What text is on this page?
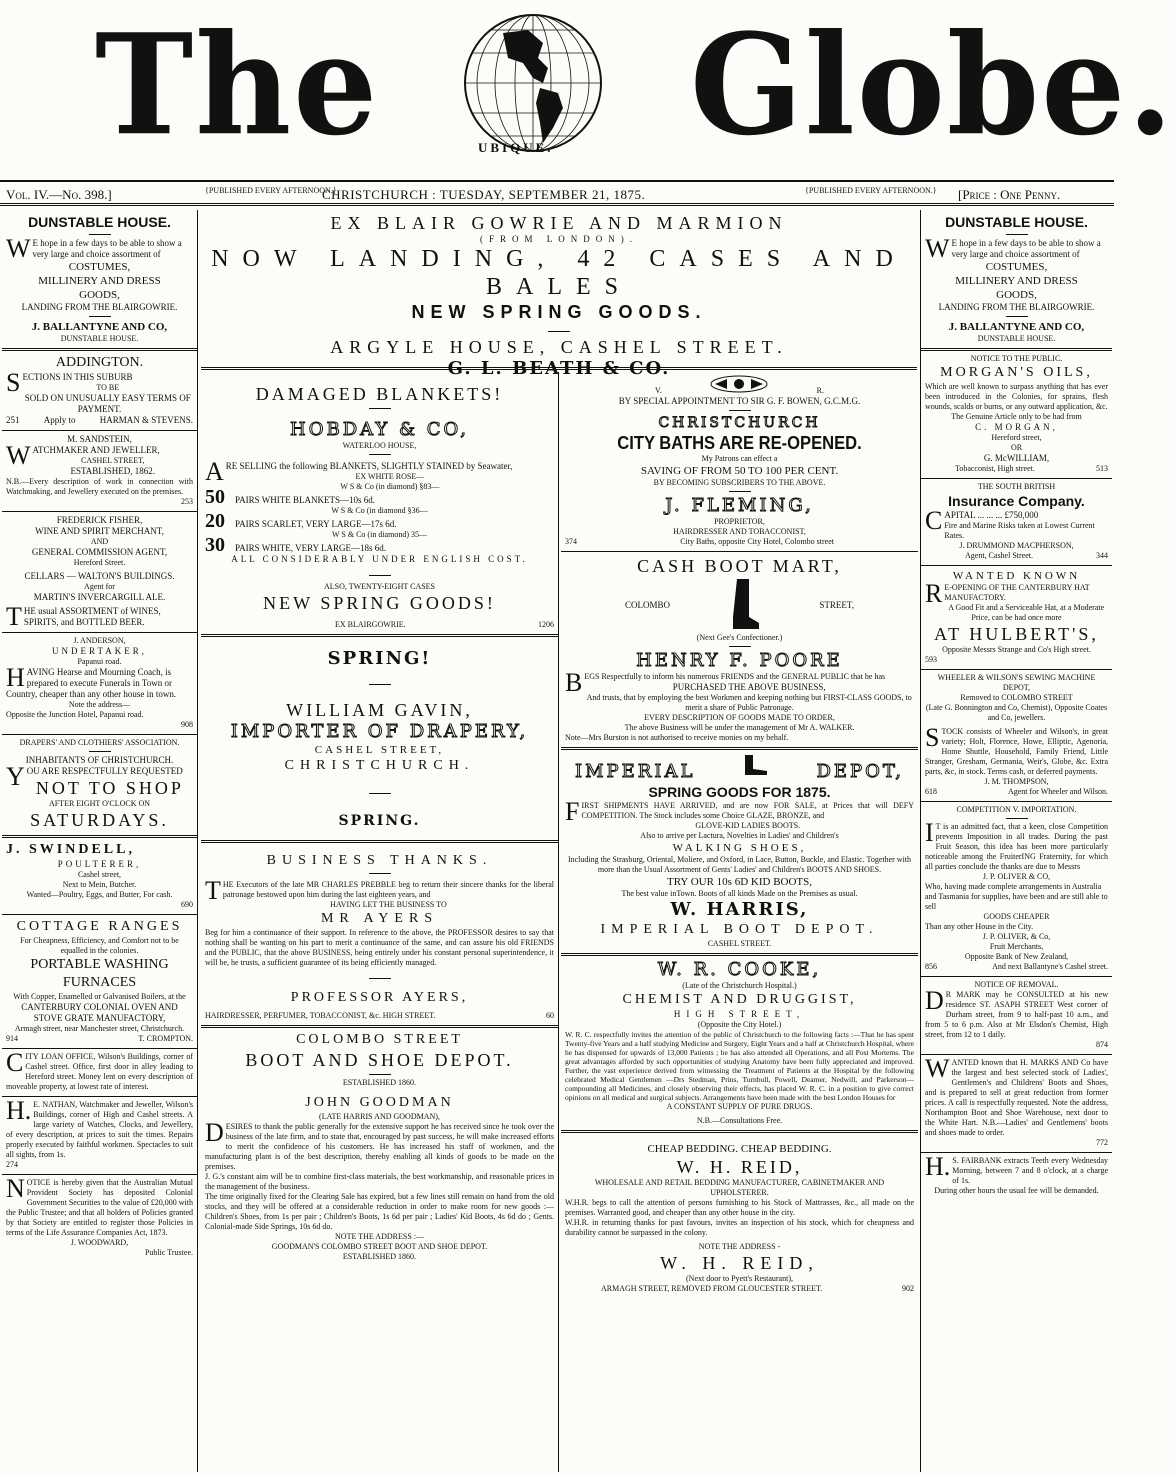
The	UBIQUE. Globe.
Vol. IV.—No. 398.]	{PUBLISHED EVERY AFTERNOON.}
CHRISTCHURCH : TUESDAY, SEPTEMBER 21, 1875.	{PUBLISHED EVERY AFTERNOON.} [Price : One Penny.
DUNSTABLE HOUSE.
WE hope in a few days to be able to show a very large and choice assortment of
COSTUMES,
MILLINERY AND DRESS
GOODS,
LANDING FROM THE BLAIRGOWRIE.
J. BALLANTYNE AND CO,
DUNSTABLE HOUSE.
ADDINGTON.
SECTIONS IN THIS SUBURB
TO BE
SOLD ON UNUSUALLY EASY TERMS OF PAYMENT.
251	Apply to	HARMAN & STEVENS.
M. SANDSTEIN,
WATCHMAKER AND JEWELLER,
CASHEL STREET,
ESTABLISHED, 1862.
N.B.—Every description of work in connection with Watchmaking, and Jewellery executed on the premises.
253
FREDERICK FISHER,
WINE AND SPIRIT MERCHANT,
AND
GENERAL COMMISSION AGENT,
Hereford Street.
CELLARS — WALTON'S BUILDINGS.
Agent for
MARTIN'S INVERCARGILL ALE.
THE usual ASSORTMENT of WINES, SPIRITS, and BOTTLED BEER.
J. ANDERSON,
UNDERTAKER,
Papanui road.
HAVING Hearse and Mourning Coach, is prepared to execute Funerals in Town or Country, cheaper than any other house in town.
Note the address—
Opposite the Junction Hotel, Papanui road.
908
DRAPERS' AND CLOTHIERS' ASSOCIATION.
INHABITANTS OF CHRISTCHURCH.
YOU ARE RESPECTFULLY REQUESTED
NOT TO SHOP
AFTER EIGHT O'CLOCK ON
SATURDAYS.
J. SWINDELL,
POULTERER,
Cashel street,
Next to Mein, Butcher.
Wanted—Poultry, Eggs, and Butter, For cash.
690
COTTAGE RANGES
For Cheapness, Efficiency, and Comfort not to be equalled in the colonies.
PORTABLE WASHING
FURNACES
With Copper, Enamelled or Galvanised Boilers, at the
CANTERBURY COLONIAL OVEN AND STOVE GRATE MANUFACTORY,
Armagh street, near Manchester street, Christchurch.
914	T. CROMPTON.
CITY LOAN OFFICE, Wilson's Buildings, corner of Cashel street. Office, first door in alley leading to Hereford street. Money lent on every description of moveable property, at lowest rate of interest.
H.E. NATHAN, Watchmaker and Jeweller, Wilson's Buildings, corner of High and Cashel streets. A large variety of Watches, Clocks, and Jewellery, of every description, at prices to suit the times. Repairs properly executed by faithful workmen. Spectacles to suit all sights, from 1s.
274
NOTICE is hereby given that the Australian Mutual Provident Society has deposited Colonial Government Securities to the value of £20,000 with the Public Trustee; and that all holders of Policies granted by that Society are entitled to register those Policies in terms of the Life Assurance Companies Act, 1873.
J. WOODWARD,
Public Trustee.
EX BLAIR GOWRIE AND MARMION
(FROM LONDON).
NOW LANDING, 42 CASES AND BALES
NEW SPRING GOODS.
ARGYLE HOUSE, CASHEL STREET.
G. L. BEATH & CO.
DAMAGED BLANKETS!
HOBDAY & CO,
WATERLOO HOUSE,
ARE SELLING the following BLANKETS, SLIGHTLY STAINED by Seawater,
EX WHITE ROSE—
W S & Co (in diamond) §83—
50 PAIRS WHITE BLANKETS—10s 6d.
W S & Co (in diamond §36—
20 PAIRS SCARLET, VERY LARGE—17s 6d.
W S & Co (in diamond) 35—
30 PAIRS WHITE, VERY LARGE—18s 6d.
ALL CONSIDERABLY UNDER ENGLISH COST.
ALSO, TWENTY-EIGHT CASES
NEW SPRING GOODS!
EX BLAIRGOWRIE.	1206
SPRING!
WILLIAM GAVIN,
IMPORTER OF DRAPERY,
CASHEL STREET,
CHRISTCHURCH.
SPRING.
BUSINESS THANKS.
THE Executors of the late MR CHARLES PREBBLE beg to return their sincere thanks for the liberal patronage bestowed upon him during the last eighteen years, and
HAVING LET THE BUSINESS TO
MR AYERS
Beg for him a continuance of their support. In reference to the above, the PROFESSOR desires to say that nothing shall be wanting on his part to merit a continuance of the same, and can assure his old FRIENDS and the PUBLIC, that the above BUSINESS, being entirely under his constant personal superintendence, it will be, he trusts, a sufficient guarantee of its being efficiently managed.
PROFESSOR AYERS,
HAIRDRESSER, PERFUMER, TOBACCONIST, &c. HIGH STREET.	60
COLOMBO STREET
BOOT AND SHOE DEPOT.
ESTABLISHED 1860.
JOHN GOODMAN
(LATE HARRIS AND GOODMAN),
DESIRES to thank the public generally for the extensive support he has received since he took over the business of the late firm, and to state that, encouraged by past success, he will make increased efforts to merit the confidence of his customers. He has increased his staff of workmen, and the manufacturing plant is of the best description, thereby enabling all kinds of goods to be made on the premises.
J. G.'s constant aim will be to combine first-class materials, the best workmanship, and reasonable prices in the management of the business.
The time originally fixed for the Clearing Sale has expired, but a few lines still remain on hand from the old stocks, and they will be offered at a considerable reduction in order to make room for new goods :—Children's Shoes, from 1s per pair ; Children's Boots, 1s 6d per pair ; Ladies' Kid Boots, 4s 6d do ; Gents. Colonial-made Side Springs, 10s 6d do.
NOTE THE ADDRESS :—
GOODMAN'S COLOMBO STREET BOOT AND SHOE DEPOT.
ESTABLISHED 1860.
V.	R.
BY SPECIAL APPOINTMENT TO SIR G. F. BOWEN, G.C.M.G.
CHRISTCHURCH
CITY BATHS ARE RE-OPENED.
My Patrons can effect a
SAVING OF FROM 50 TO 100 PER CENT.
BY BECOMING SUBSCRIBERS TO THE ABOVE.
J. FLEMING,
PROPRIETOR,
HAIRDRESSER AND TOBACCONIST,
374	City Baths, opposite City Hotel, Colombo street
CASH BOOT MART,
COLOMBO	STREET,
(Next Gee's Confectioner.)
HENRY F. POORE
BEGS Respectfully to inform his numerous FRIENDS and the GENERAL PUBLIC that he has
PURCHASED THE ABOVE BUSINESS,
And trusts, that by employing the best Workmen and keeping nothing but FIRST-CLASS GOODS, to merit a share of Public Patronage.
EVERY DESCRIPTION OF GOODS MADE TO ORDER,
The above Business will be under the management of Mr A. WALKER.
Note—Mrs Burston is not authorised to receive monies on my behalf.
IMPERIAL	DEPOT,
SPRING GOODS FOR 1875.
FIRST SHIPMENTS HAVE ARRIVED, and are now FOR SALE, at Prices that will DEFY COMPETITION. The Stock includes some Choice GLAZE, BRONZE, and
GLOVE-KID LADIES BOOTS.
Also to arrive per Lactura, Novelties in Ladies' and Children's
WALKING SHOES,
Including the Strasburg, Oriental, Moliere, and Oxford, in Lace, Button, Buckle, and Elastic. Together with more than the Usual Assortment of Gents' Ladies' and Children's BOOTS AND SHOES.
TRY OUR 10s 6D KID BOOTS,
The best value inTown. Boots of all kinds Made on the Premises as usual.
W. HARRIS,
IMPERIAL BOOT DEPOT.
CASHEL STREET.
W. R. COOKE,
(Late of the Christchurch Hospital.)
CHEMIST AND DRUGGIST,
HIGH STREET,
(Opposite the City Hotel.)
W. R. C. respectfully invites the attention of the public of Christchurch to the following facts :—That he has spent Twenty-five Years and a half studying Medicine and Surgery, Eight Years and a half at Christchurch Hospital, where he has dispensed for upwards of 13,000 Patients ; he has also attended all Operations, and all Post Mortems. The great advantages afforded by such opportunities of studying Anatomy have been fully appreciated and improved. Further, the vast experience derived from witnessing the Treatment of Patients at the Hospital by the following celebrated Medical Gentlemen —Drs Stedman, Prins, Turnbull, Powell, Deamer, Nedwill, and Parkerson—compounding all Medicines, and closely observing their effects, has placed W. R. C. in a position to give correct opinions on all medical and surgical subjects. Arrangements have been made with the best London Houses for
A CONSTANT SUPPLY OF PURE DRUGS.
N.B.—Consultations Free.
CHEAP BEDDING. CHEAP BEDDING.
W. H. REID,
WHOLESALE AND RETAIL BEDDING MANUFACTURER, CABINETMAKER AND UPHOLSTERER.
W.H.R. begs to call the attention of persons furnishing to his Stock of Mattrasses, &c., all made on the premises. Warranted good, and cheaper than any other house in the city.
W.H.R. in returning thanks for past favours, invites an inspection of his stock, which for cheapness and durability cannot be surpassed in the colony.
NOTE THE ADDRESS -
W. H. REID,
(Next door to Pyett's Restaurant),
ARMAGH STREET, REMOVED FROM GLOUCESTER STREET.	902
DUNSTABLE HOUSE.
WE hope in a few days to be able to show a very large and choice assortment of
COSTUMES,
MILLINERY AND DRESS
GOODS,
LANDING FROM THE BLAIRGOWRIE.
J. BALLANTYNE AND CO,
DUNSTABLE HOUSE.
NOTICE TO THE PUBLIC.
MORGAN'S OILS,
Which are well known to surpass anything that has ever been introduced in the Colonies, for sprains, flesh wounds, scalds or burns, or any outward application, &c.
The Genuine Article only to be had from
C. MORGAN,
Hereford street,
OR
G. McWILLIAM,
Tobacconist, High street.	513
THE SOUTH BRITISH
Insurance Company.
CAPITAL ... ... ... £750,000
Fire and Marine Risks taken at Lowest Current Rates.
J. DRUMMOND MACPHERSON,
Agent, Cashel Street.	344
WANTED KNOWN
RE-OPENING OF THE CANTERBURY HAT MANUFACTORY.
A Good Fit and a Serviceable Hat, at a Moderate Price, can be had once more
AT HULBERT'S,
Opposite Messrs Strange and Co's High street.
593
WHEELER & WILSON'S SEWING MACHINE DEPOT,
Removed to COLOMBO STREET
(Late G. Bonnington and Co, Chemist), Opposite Coates and Co, jewellers.
STOCK consists of Wheeler and Wilson's, in great variety; Holt, Florence, Howe, Elliptic, Agenoria, Home Shuttle, Household, Family Friend, Little Stranger, Gresham, Germania, Weir's, Globe, &c. Extra parts, &c, in stock. Terms cash, or deferred payments.
J. M. THOMPSON,
618	Agent for Wheeler and Wilson.
COMPETITION V. IMPORTATION.
IT is an admitted fact, that a keen, close Competition prevents Imposition in all trades. During the past Fruit Season, this idea has been more particularly noticeable among the FruiterING Fraternity, for which all parties conclude the thanks are due to Messrs
J. P. OLIVER & CO,
Who, having made complete arrangements in Australia and Tasmania for supplies, have been and are still able to sell
GOODS CHEAPER
Than any other House in the City.
J. P. OLIVER, & Co,
Fruit Merchants,
Opposite Bank of New Zealand,
856	And next Ballantyne's Cashel street.
NOTICE OF REMOVAL.
DR MARK may be CONSULTED at his new residence ST. ASAPH STREET West corner of Durham street, from 9 to half-past 10 a.m., and from 5 to 6 p.m. Also at Mr Elsdon's Chemist, High street, from 12 to 1 daily.
874
WANTED known that H. MARKS AND Co have the largest and best selected stock of Ladies', Gentlemen's and Childrens' Boots and Shoes, and is prepared to sell at great reduction from former prices. A call is respectfully requested. Note the address, Northampton Boot and Shoe Warehouse, next door to the White Hart. N.B.—Ladies' and Gentlemens' boots and shoes made to order.
772
H.S. FAIRBANK extracts Teeth every Wednesday Morning, between 7 and 8 o'clock, at a charge of 1s.
During other hours the usual fee will be demanded.
